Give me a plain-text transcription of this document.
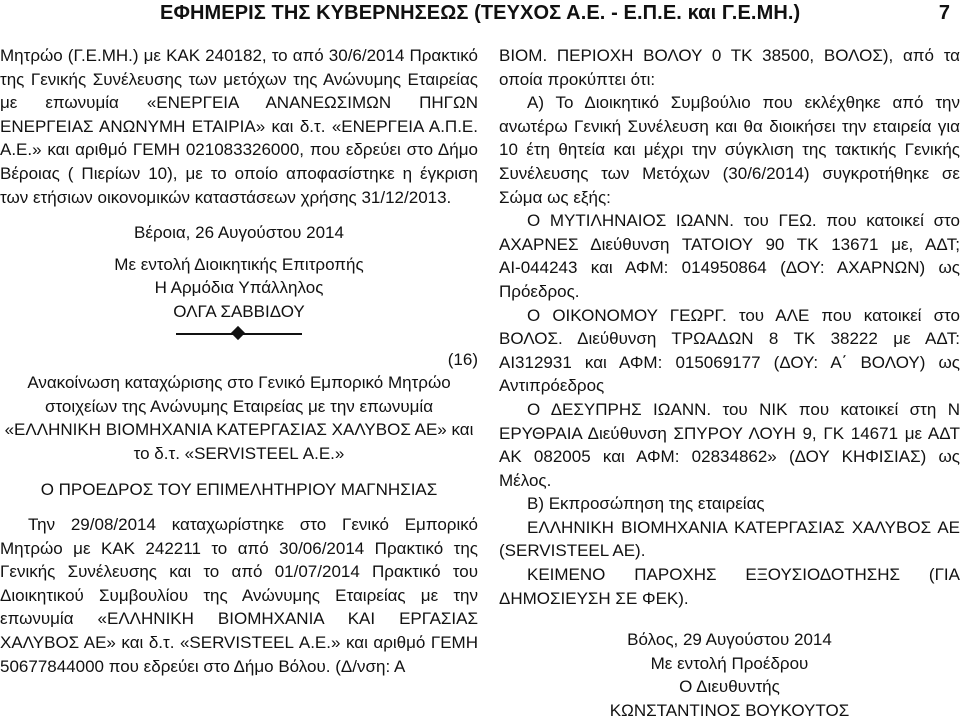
ΕΦΗΜΕΡΙΣ ΤΗΣ ΚΥΒΕΡΝΗΣΕΩΣ (ΤΕΥΧΟΣ Α.Ε. - Ε.Π.Ε. και Γ.Ε.ΜΗ.)	7

Μητρώο (Γ.Ε.ΜΗ.) με ΚΑΚ 240182, το από 30/6/2014 Πρακτικό της Γενικής Συνέλευσης των μετόχων της Ανώνυμης Εταιρείας με επωνυμία «ΕΝΕΡΓΕΙΑ ΑΝΑΝΕΩΣΙΜΩΝ ΠΗΓΩΝ ΕΝΕΡΓΕΙΑΣ ΑΝΩΝΥΜΗ ΕΤΑΙΡΙΑ» και δ.τ. «ΕΝΕΡΓΕΙΑ Α.Π.Ε. Α.Ε.» και αριθμό ΓΕΜΗ 021083326000, που εδρεύει στο Δήμο Βέροιας ( Πιερίων 10), με το οποίο αποφασίστηκε η έγκριση των ετήσιων οικονομικών καταστάσεων χρήσης 31/12/2013.

Βέροια, 26 Αυγούστου 2014

Με εντολή Διοικητικής Επιτροπής

Η Αρμόδια Υπάλληλος

ΟΛΓΑ ΣΑΒΒΙΔΟΥ

(16)

Ανακοίνωση καταχώρισης στο Γενικό Εμπορικό Μητρώο στοιχείων της Ανώνυμης Εταιρείας με την επωνυμία «ΕΛΛΗΝΙΚΗ ΒΙΟΜΗΧΑΝΙΑ ΚΑΤΕΡΓΑΣΙΑΣ ΧΑΛΥΒΟΣ ΑΕ» και το δ.τ. «SERVISTEEL Α.Ε.»

Ο ΠΡΟΕΔΡΟΣ ΤΟΥ ΕΠΙΜΕΛΗΤΗΡΙΟΥ ΜΑΓΝΗΣΙΑΣ

Την 29/08/2014 καταχωρίστηκε στο Γενικό Εμπορικό Μητρώο με ΚΑΚ 242211 το από 30/06/2014 Πρακτικό της Γενικής Συνέλευσης και το από 01/07/2014 Πρακτικό του Διοικητικού Συμβουλίου της Ανώνυμης Εταιρείας με την επωνυμία «ΕΛΛΗΝΙΚΗ ΒΙΟΜΗΧΑΝΙΑ ΚΑΙ ΕΡΓΑΣΙΑΣ ΧΑΛΥΒΟΣ ΑΕ» και δ.τ. «SERVISTEEL Α.Ε.» και αριθμό ΓΕΜΗ 50677844000 που εδρεύει στο Δήμο Βόλου. (Δ/νση: Α

ΒΙΟΜ. ΠΕΡΙΟΧΗ ΒΟΛΟΥ 0 ΤΚ 38500, ΒΟΛΟΣ), από τα οποία προκύπτει ότι:

Α) Το Διοικητικό Συμβούλιο που εκλέχθηκε από την ανωτέρω Γενική Συνέλευση και θα διοικήσει την εταιρεία για 10 έτη θητεία και μέχρι την σύγκλιση της τακτικής Γενικής Συνέλευσης των Μετόχων (30/6/2014) συγκροτήθηκε σε Σώμα ως εξής:

Ο ΜΥΤΙΛΗΝΑΙΟΣ ΙΩΑΝΝ. του ΓΕΩ. που κατοικεί στο ΑΧΑΡΝΕΣ Διεύθυνση ΤΑΤΟΙΟΥ 90 ΤΚ 13671 με, ΑΔΤ; ΑΙ-044243 και ΑΦΜ: 014950864 (ΔΟΥ: ΑΧΑΡΝΩΝ) ως Πρόεδρος.

Ο ΟΙΚΟΝΟΜΟΥ ΓΕΩΡΓ. του ΑΛΕ που κατοικεί στο ΒΟΛΟΣ. Διεύθυνση ΤΡΩΑΔΩΝ 8 ΤΚ 38222 με ΑΔΤ: ΑΙ312931 και ΑΦΜ: 015069177 (ΔΟΥ: Α΄ ΒΟΛΟΥ) ως Αντιπρόεδρος

Ο ΔΕΣΥΠΡΗΣ ΙΩΑΝΝ. του ΝΙΚ που κατοικεί στη Ν ΕΡΥΘΡΑΙΑ Διεύθυνση ΣΠΥΡΟΥ ΛΟΥΗ 9, ΓΚ 14671 με ΑΔΤ ΑΚ 082005 και ΑΦΜ: 02834862» (ΔΟΥ ΚΗΦΙΣΙΑΣ) ως Μέλος.

Β) Εκπροσώπηση της εταιρείας

ΕΛΛΗΝΙΚΗ ΒΙΟΜΗΧΑΝΙΑ ΚΑΤΕΡΓΑΣΙΑΣ ΧΑΛΥΒΟΣ ΑΕ (SERVISTEEL AE).

ΚΕΙΜΕΝΟ ΠΑΡΟΧΗΣ ΕΞΟΥΣΙΟΔΟΤΗΣΗΣ (ΓΙΑ ΔΗΜΟΣΙΕΥΣΗ ΣΕ ΦΕΚ).

Βόλος, 29 Αυγούστου 2014

Με εντολή Προέδρου

Ο Διευθυντής

ΚΩΝΣΤΑΝΤΙΝΟΣ ΒΟΥΚΟΥΤΟΣ
